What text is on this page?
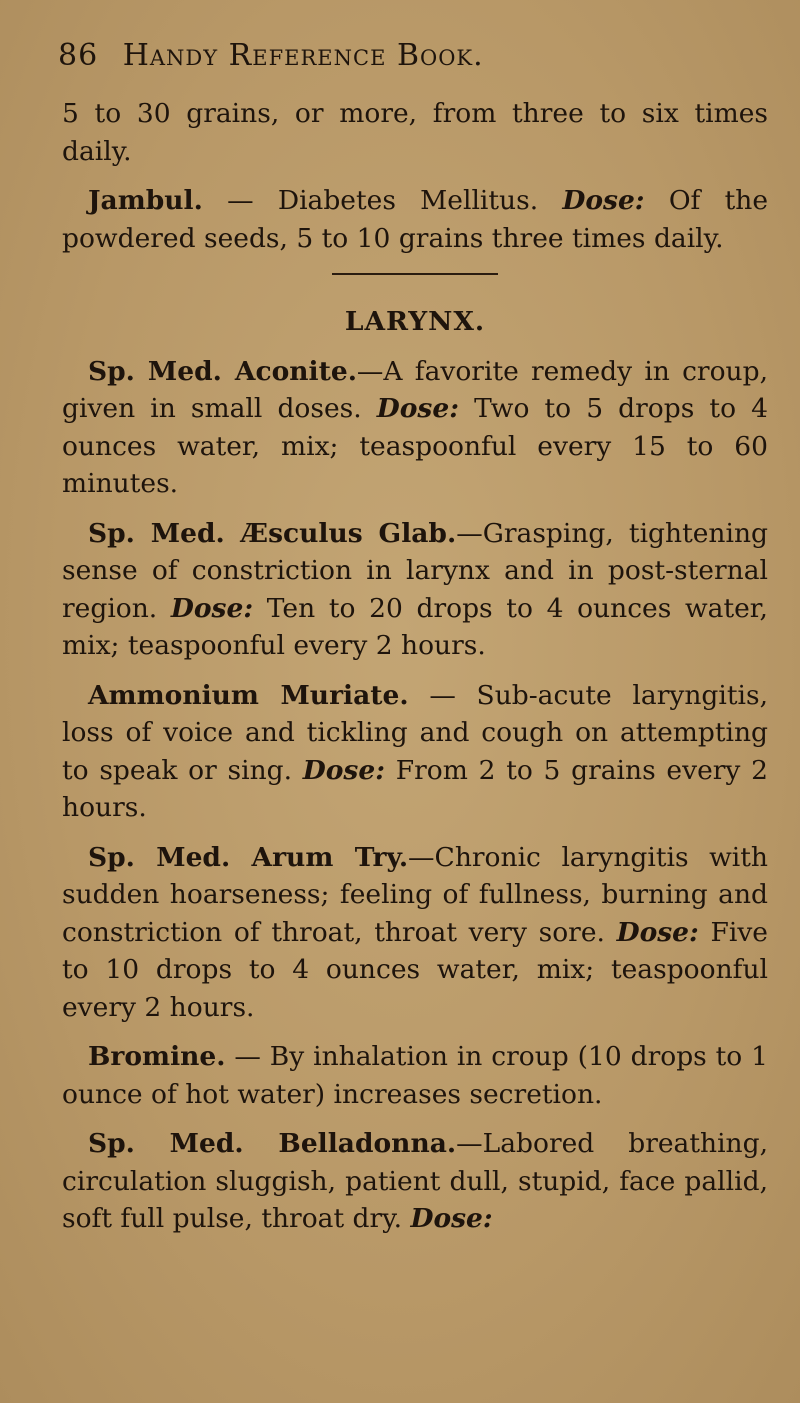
86 Handy Reference Book.

5 to 30 grains, or more, from three to six times daily.

Jambul. — Diabetes Mellitus. Dose: Of the powdered seeds, 5 to 10 grains three times daily.

LARYNX.

Sp. Med. Aconite.—A favorite remedy in croup, given in small doses. Dose: Two to 5 drops to 4 ounces water, mix; teaspoonful every 15 to 60 minutes.

Sp. Med. Æsculus Glab.—Grasping, tightening sense of constriction in larynx and in post-sternal region. Dose: Ten to 20 drops to 4 ounces water, mix; teaspoonful every 2 hours.

Ammonium Muriate. — Sub-acute laryngitis, loss of voice and tickling and cough on attempting to speak or sing. Dose: From 2 to 5 grains every 2 hours.

Sp. Med. Arum Try.—Chronic laryngitis with sudden hoarseness; feeling of fullness, burning and constriction of throat, throat very sore. Dose: Five to 10 drops to 4 ounces water, mix; teaspoonful every 2 hours.

Bromine. — By inhalation in croup (10 drops to 1 ounce of hot water) increases secretion.

Sp. Med. Belladonna.—Labored breathing, circulation sluggish, patient dull, stupid, face pallid, soft full pulse, throat dry. Dose:
